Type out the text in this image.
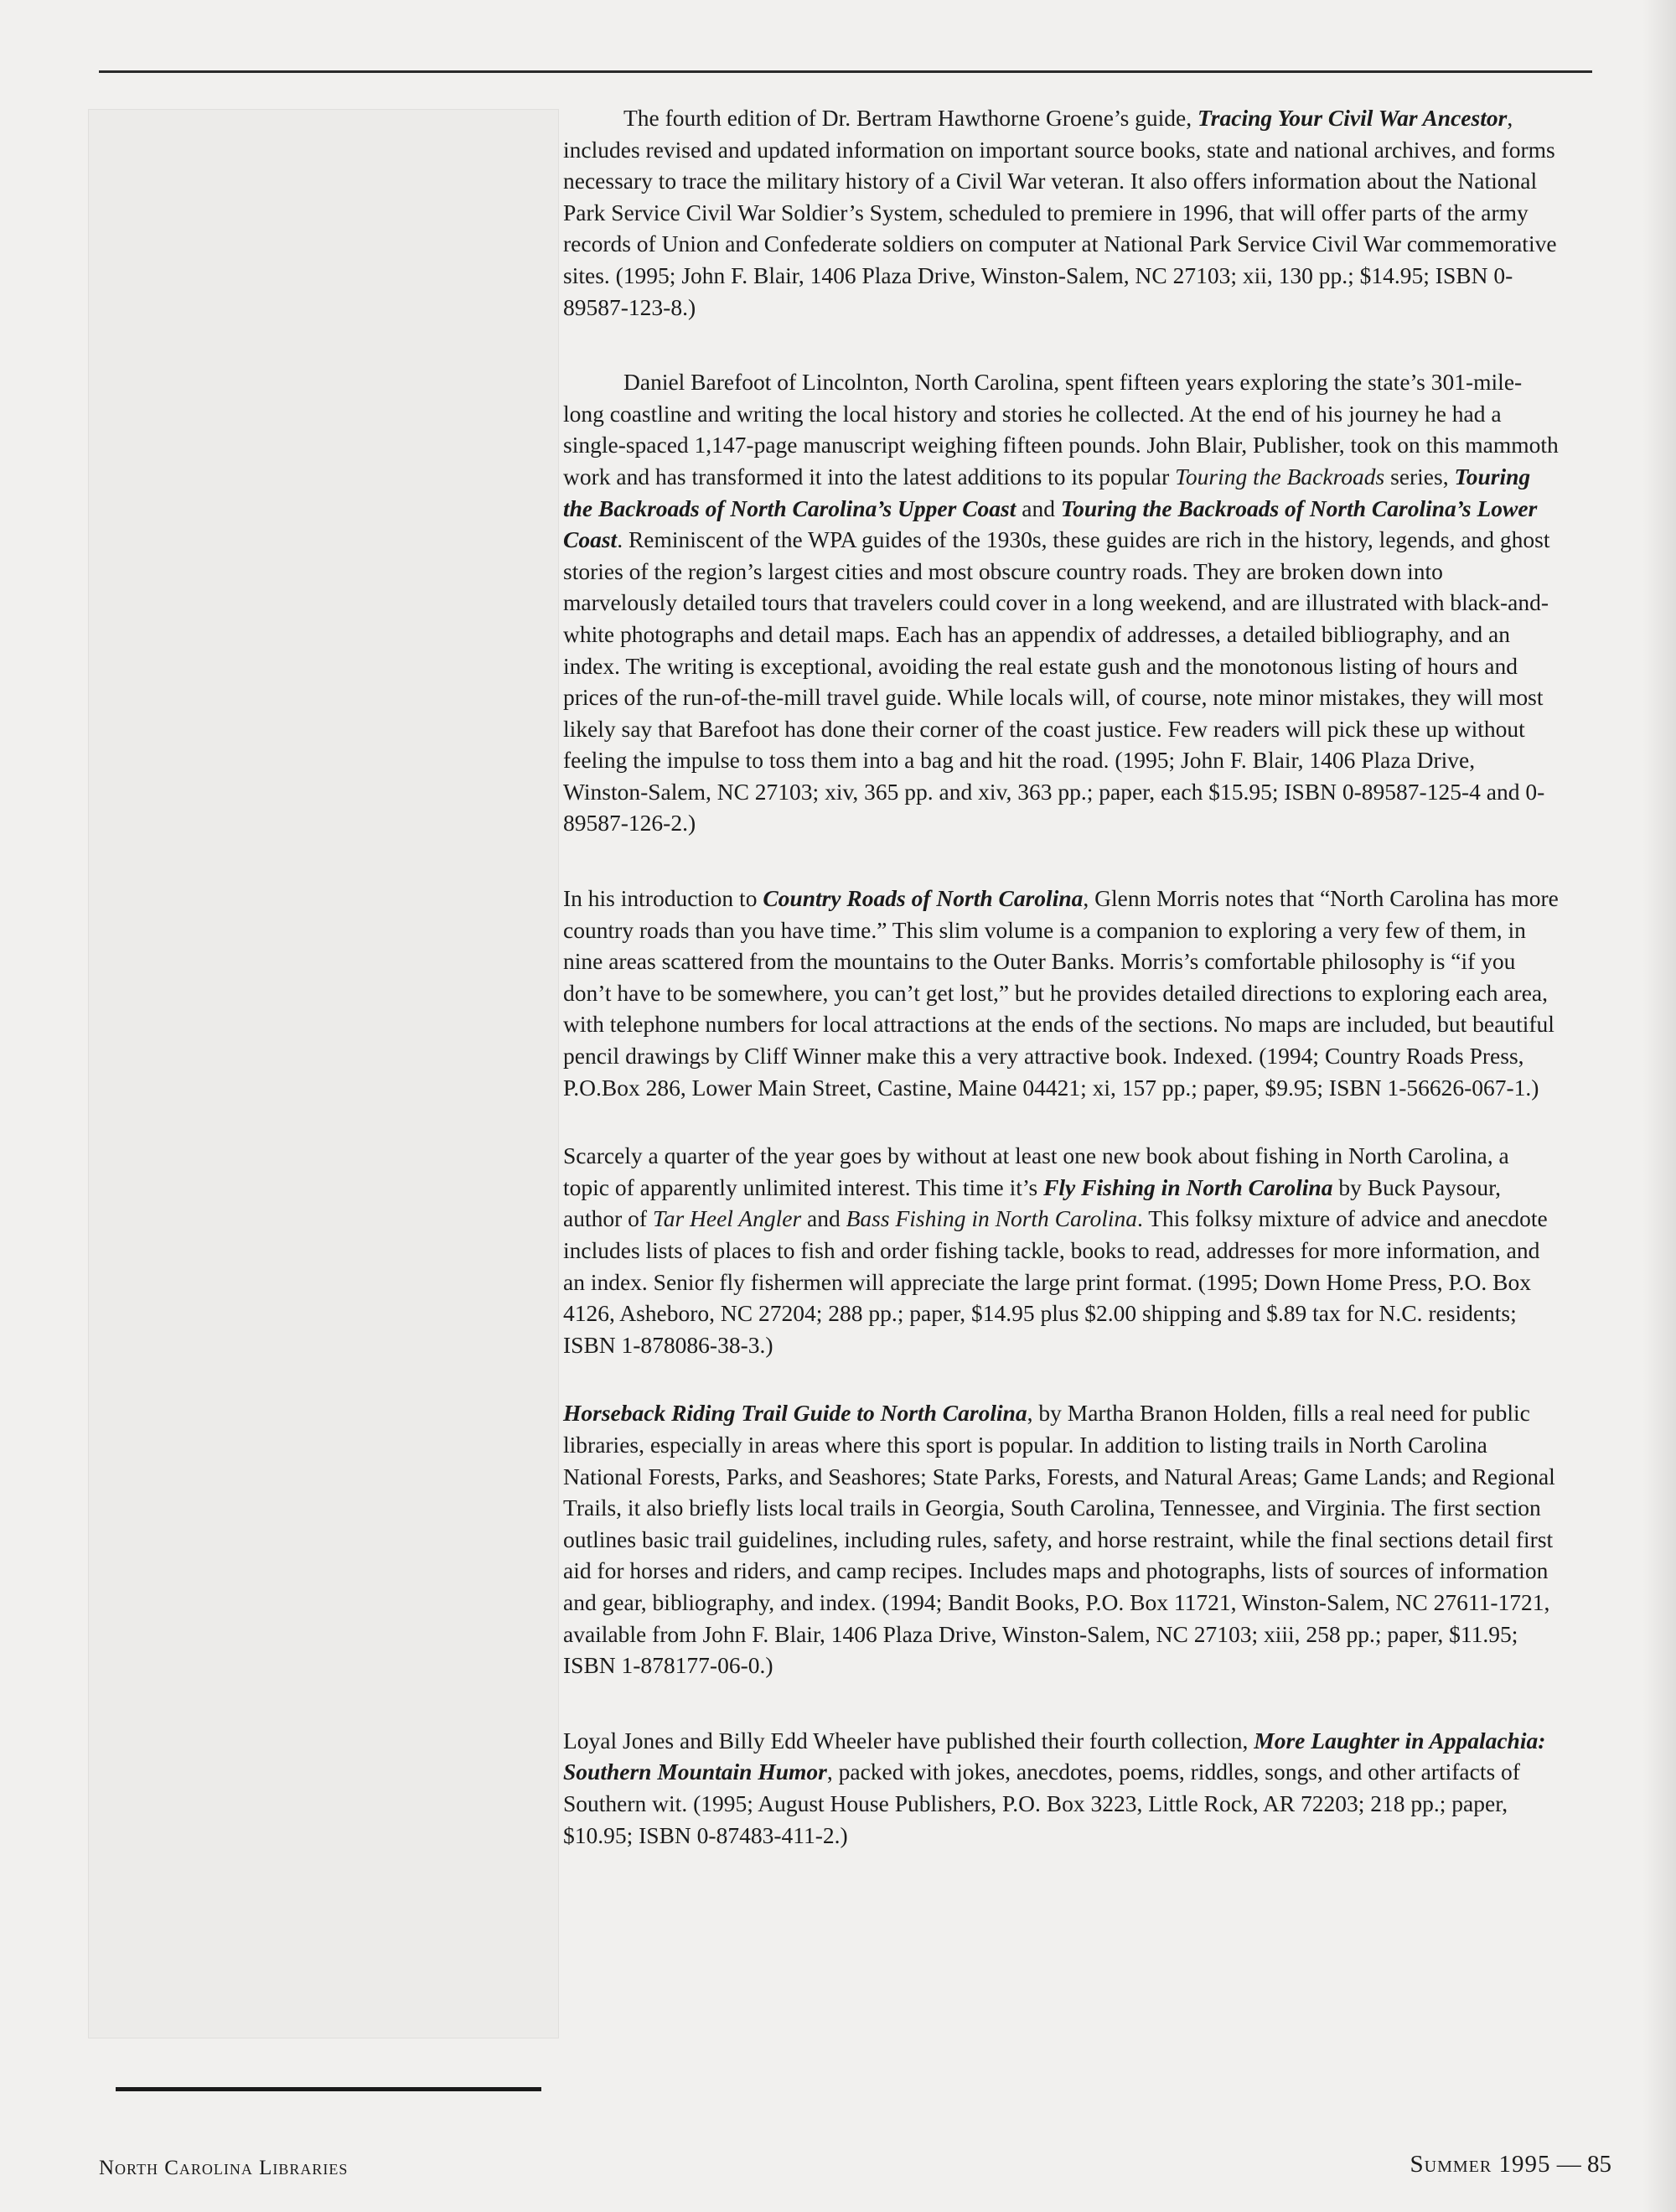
The fourth edition of Dr. Bertram Hawthorne Groene’s guide, Tracing Your Civil War Ancestor, includes revised and updated information on important source books, state and national archives, and forms necessary to trace the military history of a Civil War veteran. It also offers information about the National Park Service Civil War Soldier’s System, scheduled to premiere in 1996, that will offer parts of the army records of Union and Confederate soldiers on computer at National Park Service Civil War commemorative sites. (1995; John F. Blair, 1406 Plaza Drive, Winston-Salem, NC 27103; xii, 130 pp.; $14.95; ISBN 0-89587-123-8.)

Daniel Barefoot of Lincolnton, North Carolina, spent fifteen years exploring the state’s 301-mile-long coastline and writing the local history and stories he collected. At the end of his journey he had a single-spaced 1,147-page manuscript weighing fifteen pounds. John Blair, Publisher, took on this mammoth work and has transformed it into the latest additions to its popular Touring the Backroads series, Touring the Backroads of North Carolina’s Upper Coast and Touring the Backroads of North Carolina’s Lower Coast. Reminiscent of the WPA guides of the 1930s, these guides are rich in the history, legends, and ghost stories of the region’s largest cities and most obscure country roads. They are broken down into marvelously detailed tours that travelers could cover in a long weekend, and are illustrated with black-and-white photographs and detail maps. Each has an appendix of addresses, a detailed bibliography, and an index. The writing is exceptional, avoiding the real estate gush and the monotonous listing of hours and prices of the run-of-the-mill travel guide. While locals will, of course, note minor mistakes, they will most likely say that Barefoot has done their corner of the coast justice. Few readers will pick these up without feeling the impulse to toss them into a bag and hit the road. (1995; John F. Blair, 1406 Plaza Drive, Winston-Salem, NC 27103; xiv, 365 pp. and xiv, 363 pp.; paper, each $15.95; ISBN 0-89587-125-4 and 0-89587-126-2.)

In his introduction to Country Roads of North Carolina, Glenn Morris notes that “North Carolina has more country roads than you have time.” This slim volume is a companion to exploring a very few of them, in nine areas scattered from the mountains to the Outer Banks. Morris’s comfortable philosophy is “if you don’t have to be somewhere, you can’t get lost,” but he provides detailed directions to exploring each area, with telephone numbers for local attractions at the ends of the sections. No maps are included, but beautiful pencil drawings by Cliff Winner make this a very attractive book. Indexed. (1994; Country Roads Press, P.O.Box 286, Lower Main Street, Castine, Maine 04421; xi, 157 pp.; paper, $9.95; ISBN 1-56626-067-1.)

Scarcely a quarter of the year goes by without at least one new book about fishing in North Carolina, a topic of apparently unlimited interest. This time it’s Fly Fishing in North Carolina by Buck Paysour, author of Tar Heel Angler and Bass Fishing in North Carolina. This folksy mixture of advice and anecdote includes lists of places to fish and order fishing tackle, books to read, addresses for more information, and an index. Senior fly fishermen will appreciate the large print format. (1995; Down Home Press, P.O. Box 4126, Asheboro, NC 27204; 288 pp.; paper, $14.95 plus $2.00 shipping and $.89 tax for N.C. residents; ISBN 1-878086-38-3.)

Horseback Riding Trail Guide to North Carolina, by Martha Branon Holden, fills a real need for public libraries, especially in areas where this sport is popular. In addition to listing trails in North Carolina National Forests, Parks, and Seashores; State Parks, Forests, and Natural Areas; Game Lands; and Regional Trails, it also briefly lists local trails in Georgia, South Carolina, Tennessee, and Virginia. The first section outlines basic trail guidelines, including rules, safety, and horse restraint, while the final sections detail first aid for horses and riders, and camp recipes. Includes maps and photographs, lists of sources of information and gear, bibliography, and index. (1994; Bandit Books, P.O. Box 11721, Winston-Salem, NC 27611-1721, available from John F. Blair, 1406 Plaza Drive, Winston-Salem, NC 27103; xiii, 258 pp.; paper, $11.95; ISBN 1-878177-06-0.)

Loyal Jones and Billy Edd Wheeler have published their fourth collection, More Laughter in Appalachia: Southern Mountain Humor, packed with jokes, anecdotes, poems, riddles, songs, and other artifacts of Southern wit. (1995; August House Publishers, P.O. Box 3223, Little Rock, AR 72203; 218 pp.; paper, $10.95; ISBN 0-87483-411-2.)

North Carolina Libraries	Summer 1995 — 85
